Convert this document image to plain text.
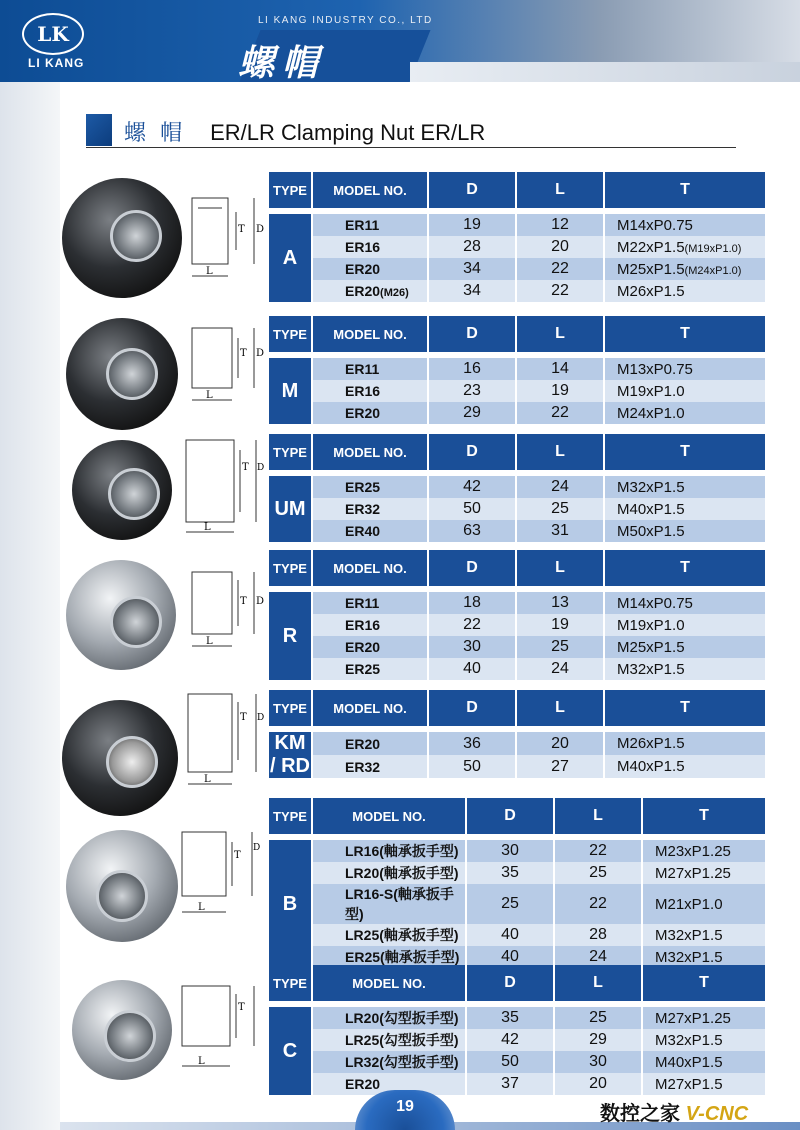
LK
LI KANG
LI KANG INDUSTRY CO., LTD
螺帽
螺 帽 ER/LR Clamping Nut ER/LR
T D
L
T D
L
T D
L
T D
L
T D
L
T
D
L
T
L
TYPE	MODEL NO.	D	L	T
A	ER11	19	12	M14xP0.75
	ER16	28	20	M22xP1.5(M19xP1.0)
	ER20	34	22	M25xP1.5(M24xP1.0)
	ER20(M26)	34	22	M26xP1.5
TYPE	MODEL NO.	D	L	T
M	ER11	16	14	M13xP0.75
	ER16	23	19	M19xP1.0
	ER20	29	22	M24xP1.0
TYPE	MODEL NO.	D	L	T
UM	ER25	42	24	M32xP1.5
	ER32	50	25	M40xP1.5
	ER40	63	31	M50xP1.5
TYPE	MODEL NO.	D	L	T
R	ER11	18	13	M14xP0.75
	ER16	22	19	M19xP1.0
	ER20	30	25	M25xP1.5
	ER25	40	24	M32xP1.5
TYPE	MODEL NO.	D	L	T
KM / RD	ER20	36	20	M26xP1.5
	ER32	50	27	M40xP1.5
TYPE	MODEL NO.	D	L	T
B	LR16(軸承扳手型)	30	22	M23xP1.25
	LR20(軸承扳手型)	35	25	M27xP1.25
	LR16-S(軸承扳手型)	25	22	M21xP1.0
	LR25(軸承扳手型)	40	28	M32xP1.5
	ER25(軸承扳手型)	40	24	M32xP1.5
TYPE	MODEL NO.	D	L	T
C	LR20(勾型扳手型)	35	25	M27xP1.25
	LR25(勾型扳手型)	42	29	M32xP1.5
	LR32(勾型扳手型)	50	30	M40xP1.5
	ER20	37	20	M27xP1.5
19	数控之家 V-CNC
